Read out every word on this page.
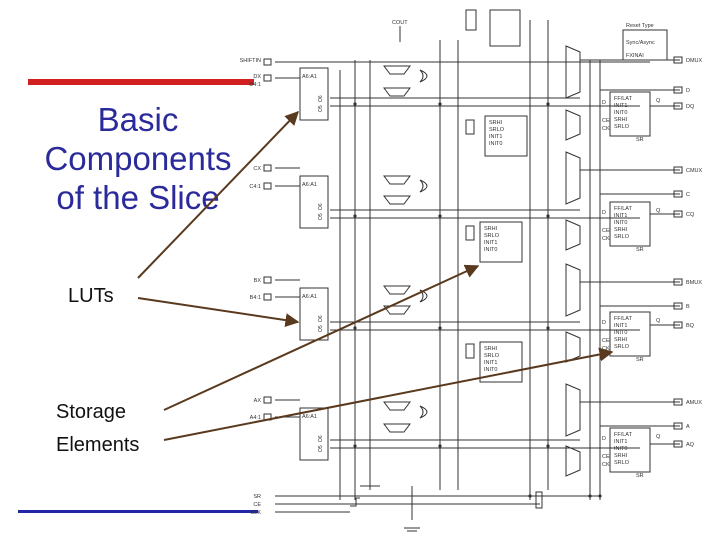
Basic
Components
of the Slice
LUTs
Storage
Elements
COUT	Reset Type
Sync/Async
FXINAI
SHIFTIN
DX
D4:1
CX
C4:1
BX
B4:1
AX
A4:1
SR
CE
CLK
DMUX
D
DQ
CMUX
C
CQ
BMUX
B
BQ
AMUX
A
AQ
A6:A1
A6:A1
A6:A1
A6:A1
FF/LAT
INIT1
INIT0
SRHI
SRLO
FF/LAT
INIT1
INIT0
SRHI
SRLO
FF/LAT
INIT1
INIT0
SRHI
SRLO
FF/LAT
INIT1
INIT0
SRHI
SRLO
SRHI
SRLO
INIT1
INIT0
SRHI
SRLO
INIT1
INIT0
SRHI
SRLO
INIT1
INIT0
D
CE
CK
SR
Q
D
CE
CK
SR
Q
D
CE
CK
SR
Q
D
CE
CK
SR
Q
O6
O5
O6
O5
O6
O5
O6
O5
